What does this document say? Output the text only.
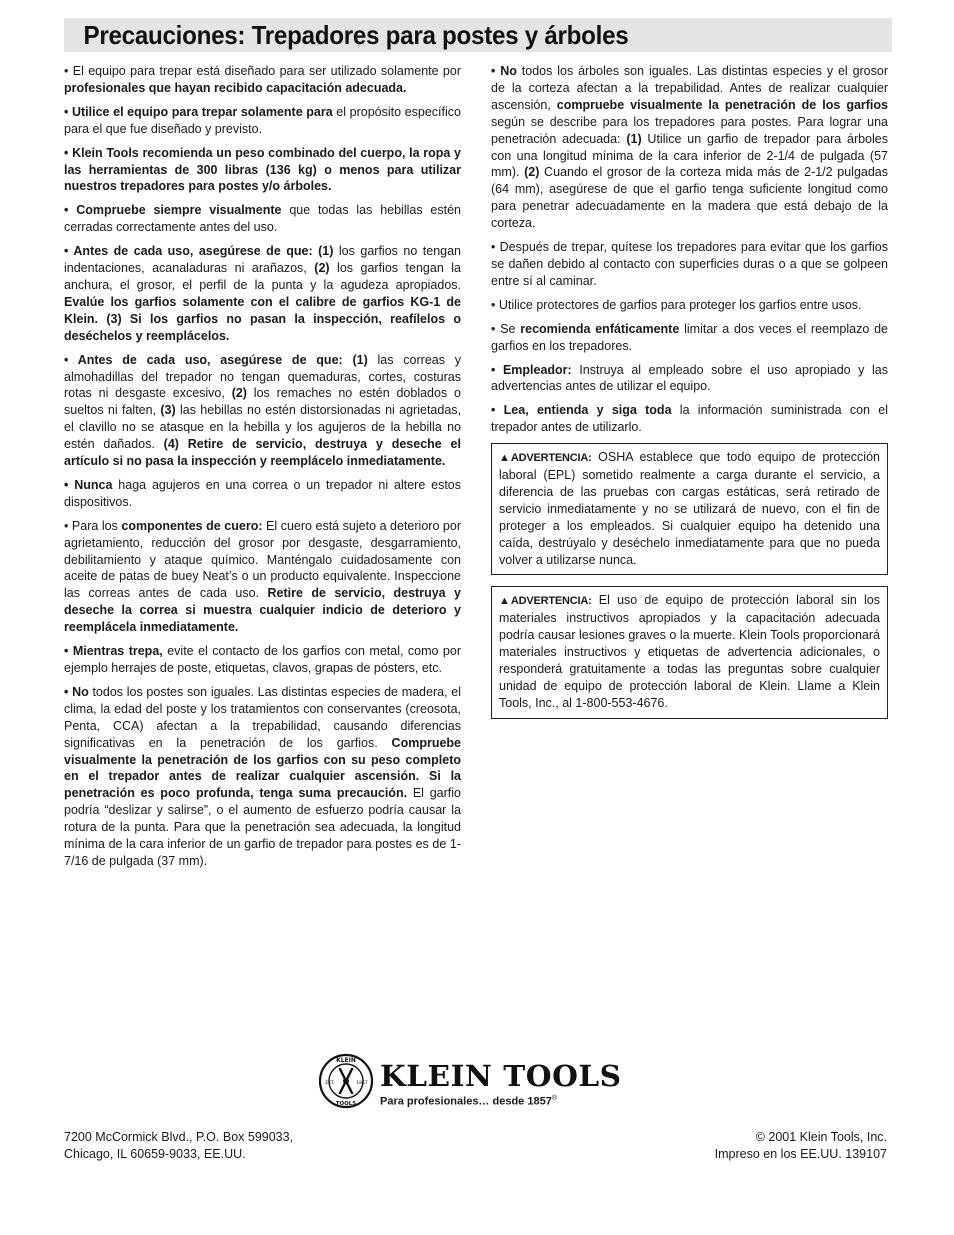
Precauciones: Trepadores para postes y árboles

• El equipo para trepar está diseñado para ser utilizado solamente por profesionales que hayan recibido capacitación adecuada.

• Utilice el equipo para trepar solamente para el propósito específico para el que fue diseñado y previsto.

• Klein Tools recomienda un peso combinado del cuerpo, la ropa y las herramientas de 300 libras (136 kg) o menos para utilizar nuestros trepadores para postes y/o árboles.

• Compruebe siempre visualmente que todas las hebillas estén cerradas correctamente antes del uso.

• Antes de cada uso, asegúrese de que: (1) los garfios no tengan indentaciones, acanaladuras ni arañazos, (2) los garfios tengan la anchura, el grosor, el perfil de la punta y la agudeza apropiados. Evalúe los garfios solamente con el calibre de garfios KG-1 de Klein. (3) Si los garfios no pasan la inspección, reafílelos o deséchelos y reemplácelos.

• Antes de cada uso, asegúrese de que: (1) las correas y almohadillas del trepador no tengan quemaduras, cortes, costuras rotas ni desgaste excesivo, (2) los remaches no estén doblados o sueltos ni falten, (3) las hebillas no estén distorsionadas ni agrietadas, el clavillo no se atasque en la hebilla y los agujeros de la hebilla no estén dañados. (4) Retire de servicio, destruya y deseche el artículo si no pasa la inspección y reemplácelo inmediatamente.

• Nunca haga agujeros en una correa o un trepador ni altere estos dispositivos.

• Para los componentes de cuero: El cuero está sujeto a deterioro por agrietamiento, reducción del grosor por desgaste, desgarramiento, debilitamiento y ataque químico. Manténgalo cuidadosamente con aceite de patas de buey Neat’s o un producto equivalente. Inspeccione las correas antes de cada uso. Retire de servicio, destruya y deseche la correa si muestra cualquier indicio de deterioro y reemplácela inmediatamente.

• Mientras trepa, evite el contacto de los garfios con metal, como por ejemplo herrajes de poste, etiquetas, clavos, grapas de pósters, etc.

• No todos los postes son iguales. Las distintas especies de madera, el clima, la edad del poste y los tratamientos con conservantes (creosota, Penta, CCA) afectan a la trepabilidad, causando diferencias significativas en la penetración de los garfios. Compruebe visualmente la penetración de los garfios con su peso completo en el trepador antes de realizar cualquier ascensión. Si la penetración es poco profunda, tenga suma precaución. El garfio podría “deslizar y salirse”, o el aumento de esfuerzo podría causar la rotura de la punta. Para que la penetración sea adecuada, la longitud mínima de la cara inferior de un garfio de trepador para postes es de 1-7/16 de pulgada (37 mm).

• No todos los árboles son iguales. Las distintas especies y el grosor de la corteza afectan a la trepabilidad. Antes de realizar cualquier ascensión, compruebe visualmente la penetración de los garfios según se describe para los trepadores para postes. Para lograr una penetración adecuada: (1) Utilice un garfio de trepador para árboles con una longitud mínima de la cara inferior de 2-1/4 de pulgada (57 mm). (2) Cuando el grosor de la corteza mida más de 2-1/2 pulgadas (64 mm), asegúrese de que el garfio tenga suficiente longitud como para penetrar adecuadamente en la madera que está debajo de la corteza.

• Después de trepar, quítese los trepadores para evitar que los garfios se dañen debido al contacto con superficies duras o a que se golpeen entre sí al caminar.

• Utilice protectores de garfios para proteger los garfios entre usos.

• Se recomienda enfáticamente limitar a dos veces el reemplazo de garfios en los trepadores.

• Empleador: Instruya al empleado sobre el uso apropiado y las advertencias antes de utilizar el equipo.

• Lea, entienda y siga toda la información suministrada con el trepador antes de utilizarlo.

▲ADVERTENCIA: OSHA establece que todo equipo de protección laboral (EPL) sometido realmente a carga durante el servicio, a diferencia de las pruebas con cargas estáticas, será retirado de servicio inmediatamente y no se utilizará de nuevo, con el fin de proteger a los empleados. Si cualquier equipo ha detenido una caída, destrúyalo y deséchelo inmediatamente para que no pueda volver a utilizarse nunca.
▲ADVERTENCIA: El uso de equipo de protección laboral sin los materiales instructivos apropiados y la capacitación adecuada podría causar lesiones graves o la muerte. Klein Tools proporcionará materiales instructivos y etiquetas de advertencia adicionales, o responderá gratuitamente a todas las preguntas sobre cualquier unidad de equipo de protección laboral de Klein. Llame a Klein Tools, Inc., al 1-800-553-4676.
KLEIN
TOOLS
EST.	1857 KLEIN TOOLS
Para profesionales… desde 1857®
7200 McCormick Blvd., P.O. Box 599033,
Chicago, IL 60659-9033, EE.UU.
© 2001 Klein Tools, Inc.
Impreso en los EE.UU. 139107
